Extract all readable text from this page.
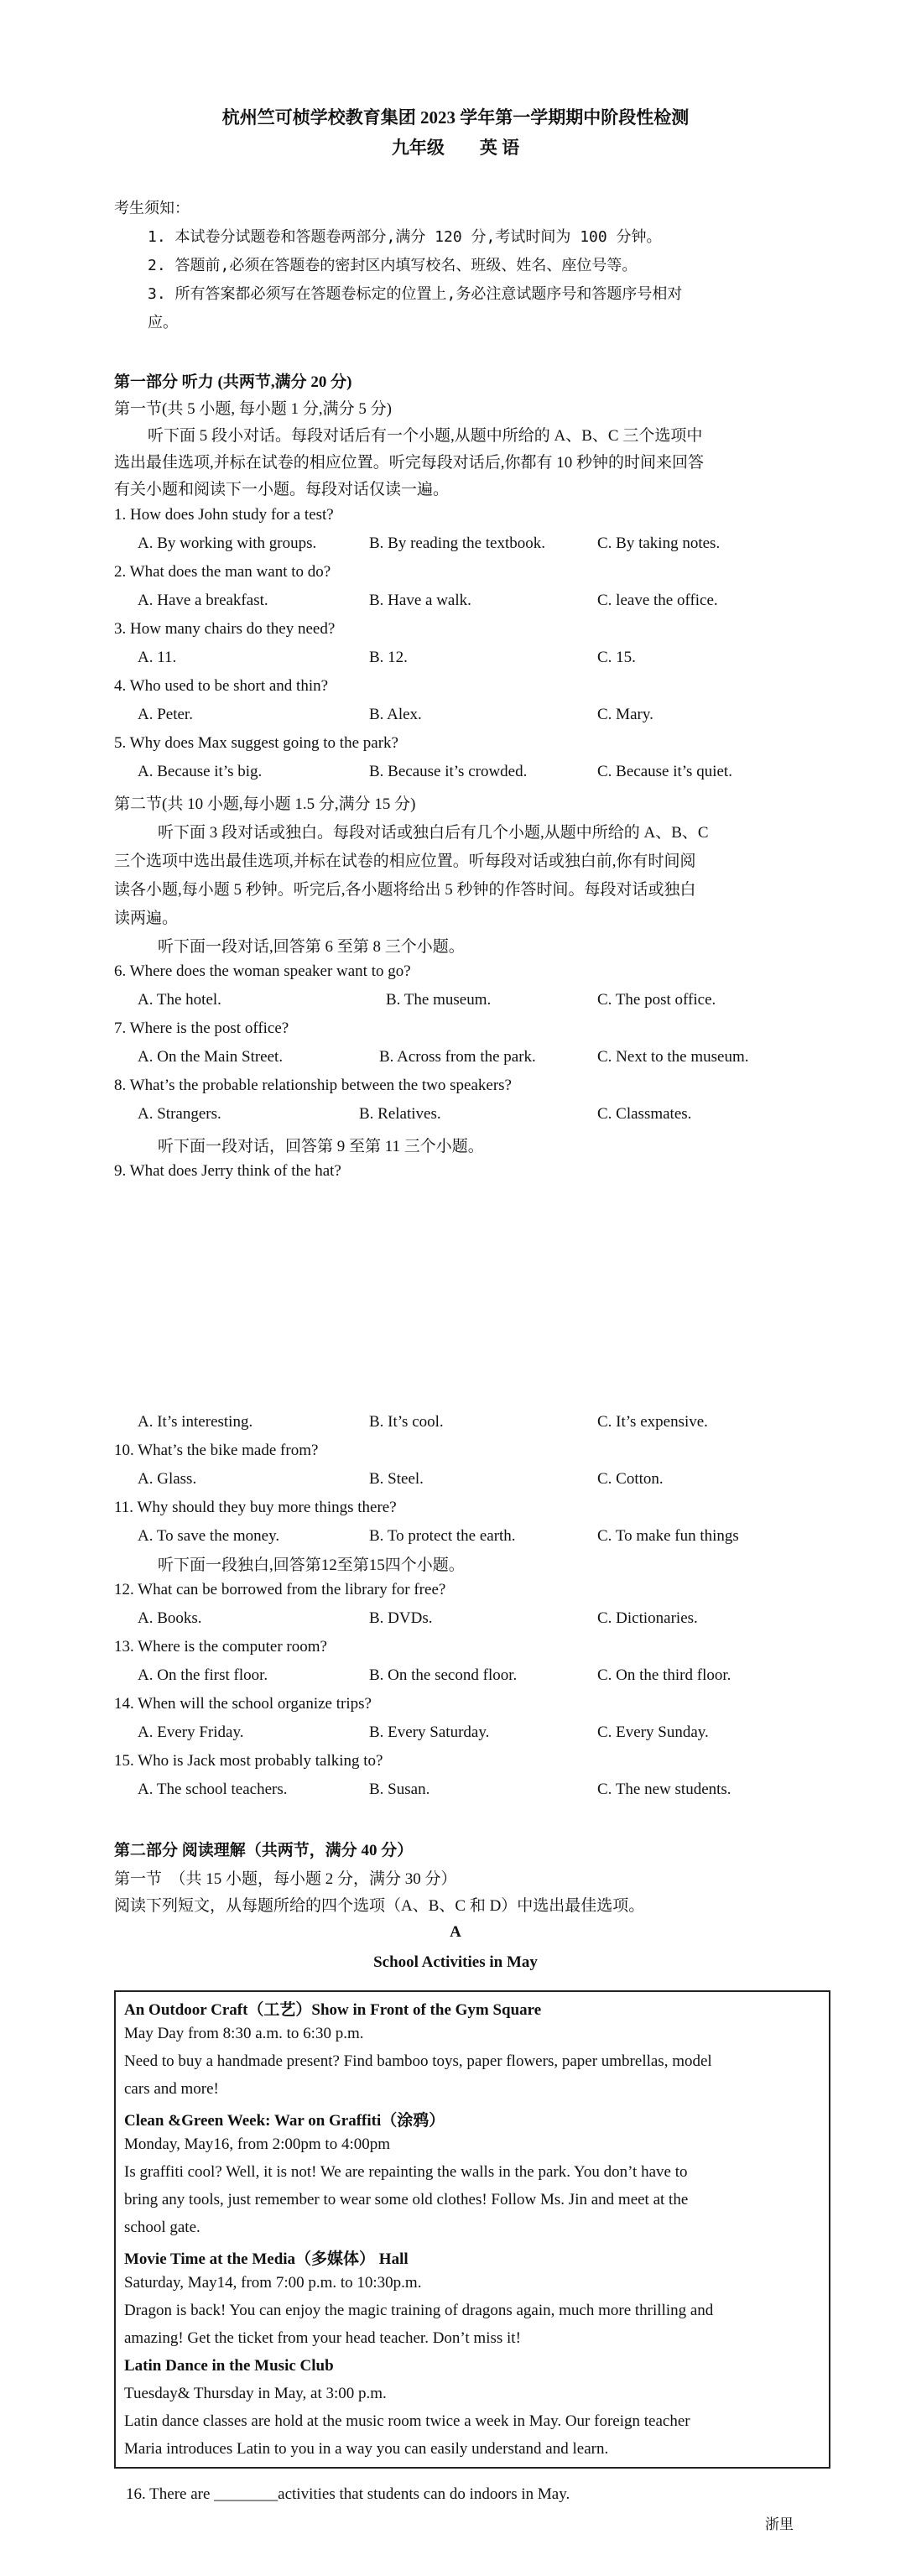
杭州竺可桢学校教育集团 2023 学年第一学期期中阶段性检测
九年级　　英 语
考生须知：
1. 本试卷分试题卷和答题卷两部分,满分 120 分,考试时间为 100 分钟。
2. 答题前,必须在答题卷的密封区内填写校名、班级、姓名、座位号等。
3. 所有答案都必须写在答题卷标定的位置上,务必注意试题序号和答题序号相对
应。
第一部分 听力 (共两节,满分 20 分)
第一节(共 5 小题, 每小题 1 分,满分 5 分)
听下面 5 段小对话。每段对话后有一个小题,从题中所给的 A、B、C 三个选项中
选出最佳选项,并标在试卷的相应位置。听完每段对话后,你都有 10 秒钟的时间来回答
有关小题和阅读下一小题。每段对话仅读一遍。
1. How does John study for a test?
A. By working with groups.	B. By reading the textbook.	C. By taking notes.
2. What does the man want to do?
A. Have a breakfast.	B. Have a walk.	C. leave the office.
3. How many chairs do they need?
A. 11.	B. 12.	C. 15.
4. Who used to be short and thin?
A. Peter.	B. Alex.	C. Mary.
5. Why does Max suggest going to the park?
A. Because it’s big.	B. Because it’s crowded.	C. Because it’s quiet.
第二节(共 10 小题,每小题 1.5 分,满分 15 分)
听下面 3 段对话或独白。每段对话或独白后有几个小题,从题中所给的 A、B、C
三个选项中选出最佳选项,并标在试卷的相应位置。听每段对话或独白前,你有时间阅
读各小题,每小题 5 秒钟。听完后,各小题将给出 5 秒钟的作答时间。每段对话或独白
读两遍。
听下面一段对话,回答第 6 至第 8 三个小题。
6. Where does the woman speaker want to go?
A. The hotel.	B. The museum.	C. The post office.
7. Where is the post office?
A. On the Main Street.	B. Across from the park.	C. Next to the museum.
8. What’s the probable relationship between the two speakers?
A. Strangers.	B. Relatives.	C. Classmates.
听下面一段对话，回答第 9 至第 11 三个小题。
9. What does Jerry think of the hat?
A. It’s interesting.	B. It’s cool.	C. It’s expensive.
10. What’s the bike made from?
A. Glass.	B. Steel.	C. Cotton.
11. Why should they buy more things there?
A. To save the money.	B. To protect the earth.	C. To make fun things
听下面一段独白,回答第12至第15四个小题。
12. What can be borrowed from the library for free?
A. Books.	B. DVDs.	C. Dictionaries.
13. Where is the computer room?
A. On the first floor.	B. On the second floor.	C. On the third floor.
14. When will the school organize trips?
A. Every Friday.	B. Every Saturday.	C. Every Sunday.
15. Who is Jack most probably talking to?
A. The school teachers.	B. Susan.	C. The new students.
第二部分 阅读理解（共两节，满分 40 分）
第一节　（共 15 小题，每小题 2 分，满分 30 分）
阅读下列短文，从每题所给的四个选项（A、B、C 和 D）中选出最佳选项。
A
School Activities in May
An Outdoor Craft（工艺）Show in Front of the Gym Square
May Day from 8:30 a.m. to 6:30 p.m.
Need to buy a handmade present? Find bamboo toys, paper flowers, paper umbrellas, model
cars and more!
Clean &Green Week: War on Graffiti（涂鸦）
Monday, May16, from 2:00pm to 4:00pm
Is graffiti cool? Well, it is not! We are repainting the walls in the park. You don’t have to
bring any tools, just remember to wear some old clothes! Follow Ms. Jin and meet at the
school gate.
Movie Time at the Media（多媒体） Hall
Saturday, May14, from 7:00 p.m. to 10:30p.m.
Dragon is back! You can enjoy the magic training of dragons again, much more thrilling and
amazing! Get the ticket from your head teacher. Don’t miss it!
Latin Dance in the Music Club
Tuesday& Thursday in May, at 3:00 p.m.
Latin dance classes are hold at the music room twice a week in May. Our foreign teacher
Maria introduces Latin to you in a way you can easily understand and learn.
16. There are ________activities that students can do indoors in May.
浙里
